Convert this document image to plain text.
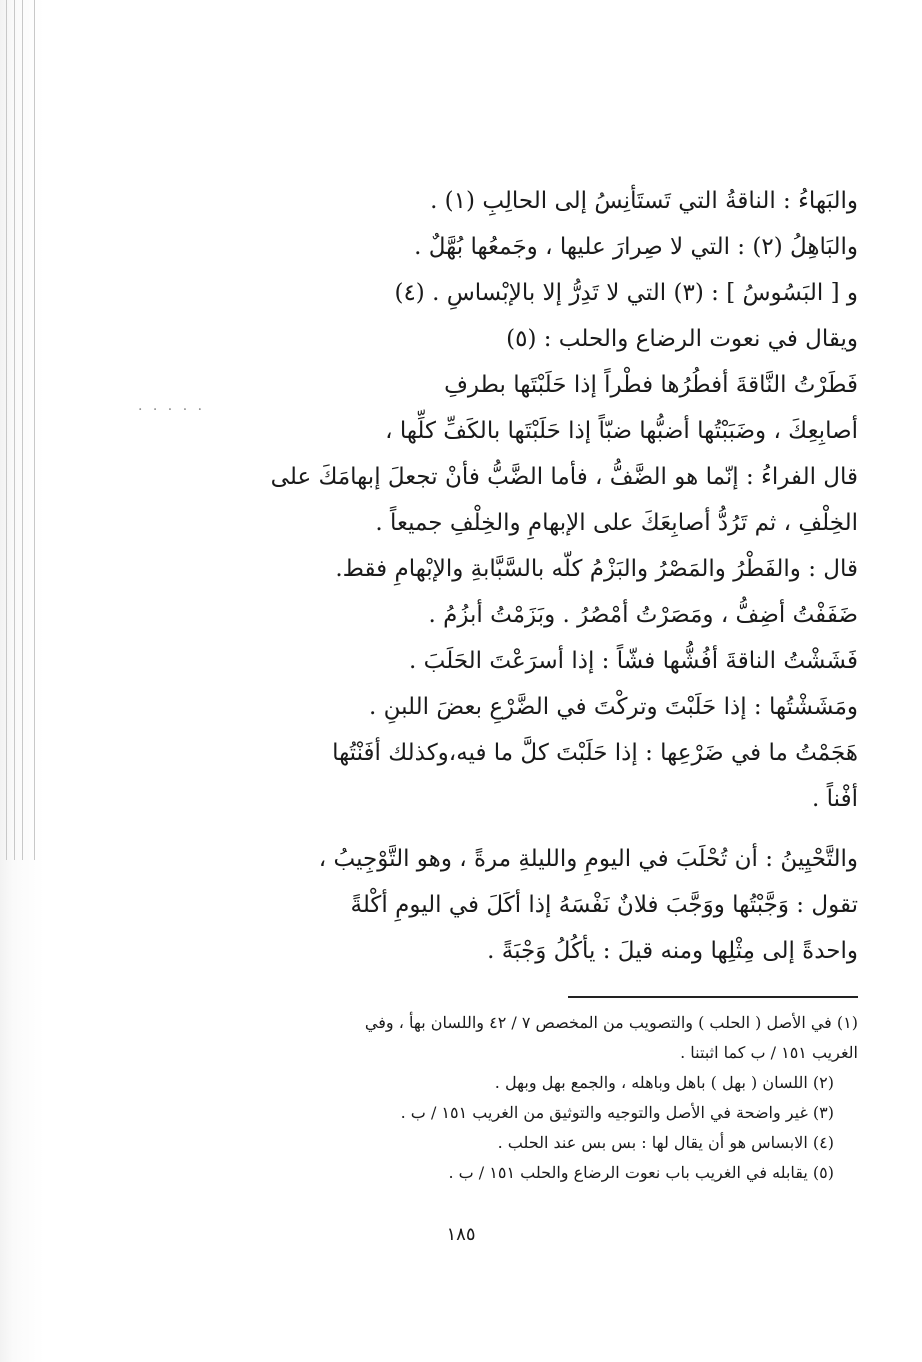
والبَهاءُ : الناقةُ التي تَستَأنِسُ إلى الحالِبِ (١) .
والبَاهِلُ (٢) : التي لا صِرارَ عليها ، وجَمعُها بُهَّلٌ .
و [ البَسُوسُ ] : (٣) التي لا تَدِرُّ إلا بالإبْساسِ . (٤)
ويقال في نعوت الرضاع والحلب : (٥)
فَطَرْتُ النَّاقةَ أفطُرُها فطْراً إذا حَلَبْتَها بطرفِ
أصابِعِكَ ، وضَبَبْتُها أضبُّها ضبّاً إذا حَلَبْتَها بالكَفِّ كلِّها ،
قال الفراءُ : إنّما هو الضَّفُّ ، فأما الضَّبُّ فأنْ تجعلَ إبهامَكَ على
الخِلْفِ ، ثم تَرُدُّ أصابِعَكَ على الإبهامِ والخِلْفِ جميعاً .
قال : والفَطْرُ والمَصْرُ والبَزْمُ كلّه بالسَّبَّابةِ والإبْهامِ فقط.
ضَفَفْتُ أضِفُّ ، ومَصَرْتُ أمْصُرُ . وبَزَمْتُ أبزُمُ .
فَشَشْتُ الناقةَ أفُشُّها فشّاً : إذا أسرَعْتَ الحَلَبَ .
ومَشَشْتُها : إذا حَلَبْتَ وتركْتَ في الضَّرْعِ بعضَ اللبنِ .
هَجَمْتُ ما في ضَرْعِها : إذا حَلَبْتَ كلَّ ما فيه،وكذلك أفَنْتُها
أفْناً .
والتَّحْيِينُ : أن تُحْلَبَ في اليومِ والليلةِ مرةً ، وهو التَّوْجِيبُ ،
تقول : وَجَّبْتُها ووَجَّبَ فلانٌ نَفْسَهُ إذا أكَلَ في اليومِ أكْلةً
واحدةً إلى مِثْلِها ومنه قيلَ : يأكُلُ وَجْبَةً .
· · · · ·
(١) في الأصل ( الحلب ) والتصويب من المخصص ٧ / ٤٢ واللسان بهأ ، وفي
الغريب ١٥١ / ب كما اثبتنا .
(٢) اللسان ( بهل ) باهل وباهله ، والجمع بهل وبهل .
(٣) غير واضحة في الأصل والتوجيه والتوثيق من الغريب ١٥١ / ب .
(٤) الابساس هو أن يقال لها : بس بس عند الحلب .
(٥) يقابله في الغريب باب نعوت الرضاع والحلب ١٥١ / ب .
١٨٥
